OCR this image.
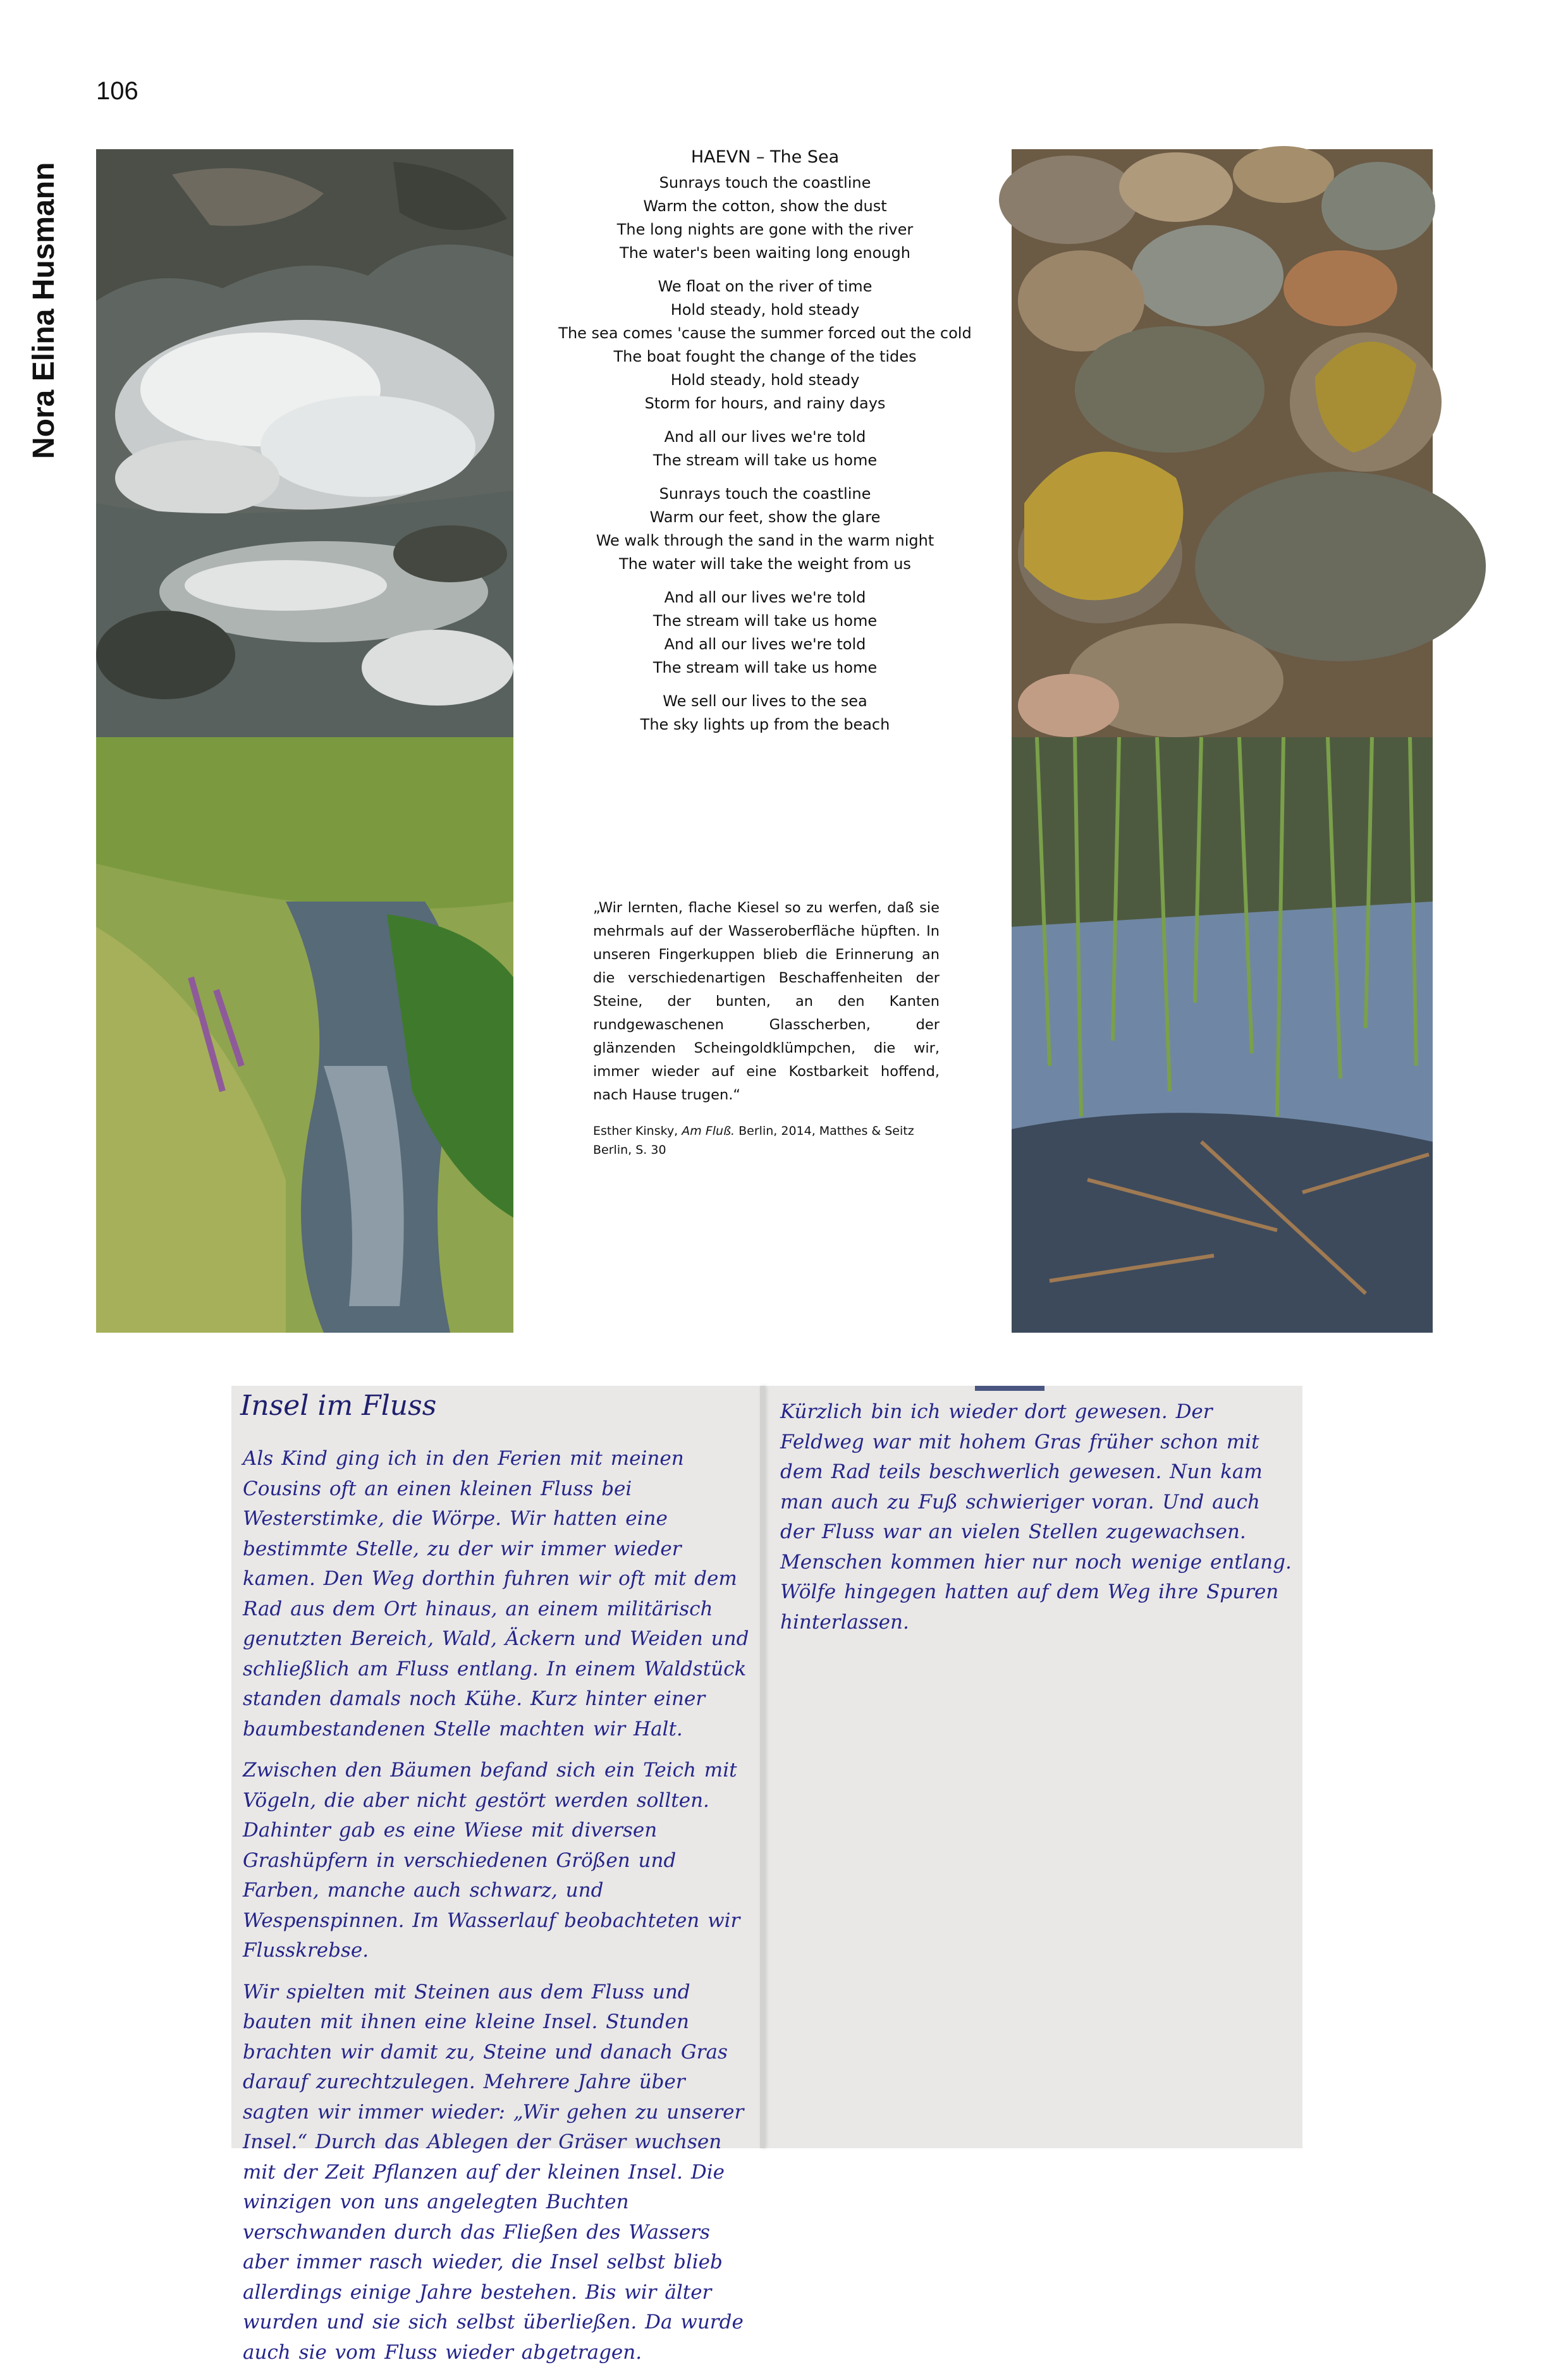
106
Nora Elina Husmann
HAEVN – The Sea
Sunrays touch the coastline
Warm the cotton, show the dust
The long nights are gone with the river
The water's been waiting long enough
We float on the river of time
Hold steady, hold steady
The sea comes 'cause the summer forced out the cold
The boat fought the change of the tides
Hold steady, hold steady
Storm for hours, and rainy days
And all our lives we're told
The stream will take us home
Sunrays touch the coastline
Warm our feet, show the glare
We walk through the sand in the warm night
The water will take the weight from us
And all our lives we're told
The stream will take us home
And all our lives we're told
The stream will take us home
We sell our lives to the sea
The sky lights up from the beach
„Wir lernten, flache Kiesel so zu werfen, daß sie mehrmals auf der Wasseroberfläche hüpften. In unseren Fingerkuppen blieb die Erinnerung an die verschiedenartigen Beschaffenheiten der Steine, der bunten, an den Kanten rundgewaschenen Glasscherben, der glänzenden Scheingoldklümpchen, die wir, immer wieder auf eine Kostbarkeit hoffend, nach Hause trugen.“
Esther Kinsky, Am Fluß. Berlin, 2014, Matthes & Seitz Berlin, S. 30
Insel im Fluss

Als Kind ging ich in den Ferien mit meinen Cousins oft an einen kleinen Fluss bei Westerstimke, die Wörpe. Wir hatten eine bestimmte Stelle, zu der wir immer wieder kamen. Den Weg dorthin fuhren wir oft mit dem Rad aus dem Ort hinaus, an einem militärisch genutzten Bereich, Wald, Äckern und Weiden und schließlich am Fluss entlang. In einem Waldstück standen damals noch Kühe. Kurz hinter einer baumbestandenen Stelle machten wir Halt.

Zwischen den Bäumen befand sich ein Teich mit Vögeln, die aber nicht gestört werden sollten. Dahinter gab es eine Wiese mit diversen Grashüpfern in verschiedenen Größen und Farben, manche auch schwarz, und Wespenspinnen. Im Wasserlauf beobachteten wir Flusskrebse.

Wir spielten mit Steinen aus dem Fluss und bauten mit ihnen eine kleine Insel. Stunden brachten wir damit zu, Steine und danach Gras darauf zurechtzulegen. Mehrere Jahre über sagten wir immer wieder: „Wir gehen zu unserer Insel.“ Durch das Ablegen der Gräser wuchsen mit der Zeit Pflanzen auf der kleinen Insel. Die winzigen von uns angelegten Buchten verschwanden durch das Fließen des Wassers aber immer rasch wieder, die Insel selbst blieb allerdings einige Jahre bestehen. Bis wir älter wurden und sie sich selbst überließen. Da wurde auch sie vom Fluss wieder abgetragen.

Kürzlich bin ich wieder dort gewesen. Der Feldweg war mit hohem Gras früher schon mit dem Rad teils beschwerlich gewesen. Nun kam man auch zu Fuß schwieriger voran. Und auch der Fluss war an vielen Stellen zugewachsen. Menschen kommen hier nur noch wenige entlang. Wölfe hingegen hatten auf dem Weg ihre Spuren hinterlassen.
